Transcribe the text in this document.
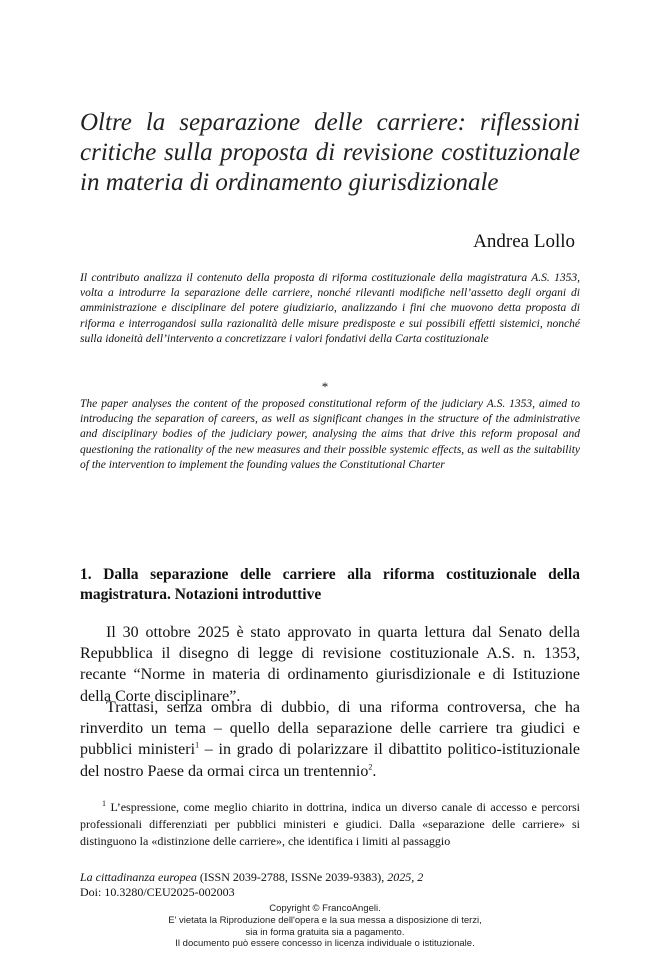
Oltre la separazione delle carriere: riflessioni critiche sulla proposta di revisione costituzionale in materia di ordinamento giurisdizionale
Andrea Lollo
Il contributo analizza il contenuto della proposta di riforma costituzionale della magistratura A.S. 1353, volta a introdurre la separazione delle carriere, nonché rilevanti modifiche nell’assetto degli organi di amministrazione e disciplinare del potere giudiziario, analizzando i fini che muovono detta proposta di riforma e interrogandosi sulla razionalità delle misure predisposte e sui possibili effetti sistemici, nonché sulla idoneità dell’intervento a concretizzare i valori fondativi della Carta costituzionale
*
The paper analyses the content of the proposed constitutional reform of the judiciary A.S. 1353, aimed to introducing the separation of careers, as well as significant changes in the structure of the administrative and disciplinary bodies of the judiciary power, analysing the aims that drive this reform proposal and questioning the rationality of the new measures and their possible systemic effects, as well as the suitability of the intervention to implement the founding values the Constitutional Charter
1. Dalla separazione delle carriere alla riforma costituzionale della magistratura. Notazioni introduttive

Il 30 ottobre 2025 è stato approvato in quarta lettura dal Senato della Repubblica il disegno di legge di revisione costituzionale A.S. n. 1353, recante “Norme in materia di ordinamento giurisdizionale e di Istituzione della Corte disciplinare”.

Trattasi, senza ombra di dubbio, di una riforma controversa, che ha rinverdito un tema – quello della separazione delle carriere tra giudici e pubblici ministeri$^1$ – in grado di polarizzare il dibattito politico-istituzionale del nostro Paese da ormai circa un trentennio$^2$.

$^1$ L’espressione, come meglio chiarito in dottrina, indica un diverso canale di accesso e percorsi professionali differenziati per pubblici ministeri e giudici. Dalla «separazione delle carriere» si distinguono la «distinzione delle carriere», che identifica i limiti al passaggio
La cittadinanza europea (ISSN 2039-2788, ISSNe 2039-9383), 2025, 2
Doi: 10.3280/CEU2025-002003
Copyright © FrancoAngeli.
E' vietata la Riproduzione dell'opera e la sua messa a disposizione di terzi,
sia in forma gratuita sia a pagamento.
Il documento può essere concesso in licenza individuale o istituzionale.
